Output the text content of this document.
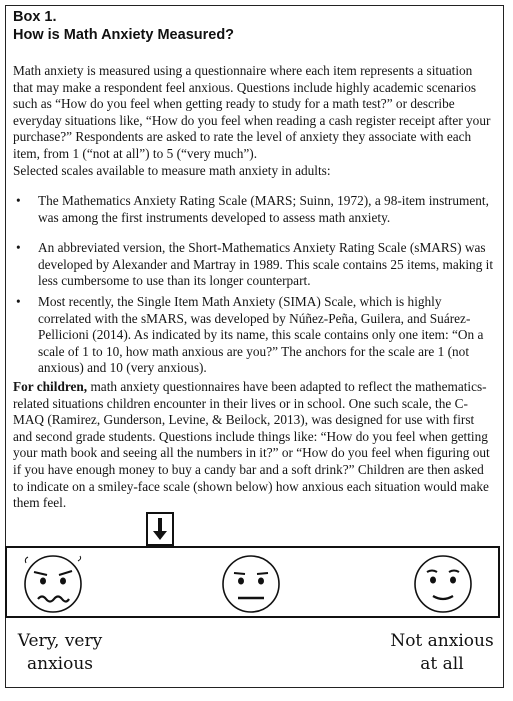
Box 1.
How is Math Anxiety Measured?

Math anxiety is measured using a questionnaire where each item represents a situation that may make a respondent feel anxious. Questions include highly academic scenarios such as “How do you feel when getting ready to study for a math test?” or describe everyday situations like, “How do you feel when reading a cash register receipt after your purchase?” Respondents are asked to rate the level of anxiety they associate with each item, from 1 (“not at all”) to 5 (“very much”).

Selected scales available to measure math anxiety in adults:

• The Mathematics Anxiety Rating Scale (MARS; Suinn, 1972), a 98-item instrument, was among the first instruments developed to assess math anxiety.
• An abbreviated version, the Short-Mathematics Anxiety Rating Scale (sMARS) was developed by Alexander and Martray in 1989. This scale contains 25 items, making it less cumbersome to use than its longer counterpart.
• Most recently, the Single Item Math Anxiety (SIMA) Scale, which is highly correlated with the sMARS, was developed by Núñez-Peña, Guilera, and Suárez-Pellicioni (2014). As indicated by its name, this scale contains only one item: “On a scale of 1 to 10, how math anxious are you?” The anchors for the scale are 1 (not anxious) and 10 (very anxious).

For children, math anxiety questionnaires have been adapted to reflect the mathematics-related situations children encounter in their lives or in school. One such scale, the C-MAQ (Ramirez, Gunderson, Levine, & Beilock, 2013), was designed for use with first and second grade students. Questions include things like: “How do you feel when getting your math book and seeing all the numbers in it?” or “How do you feel when figuring out if you have enough money to buy a candy bar and a soft drink?” Children are then asked to indicate on a smiley-face scale (shown below) how anxious each situation would make them feel.

Very, very anxious

Not anxious at all
